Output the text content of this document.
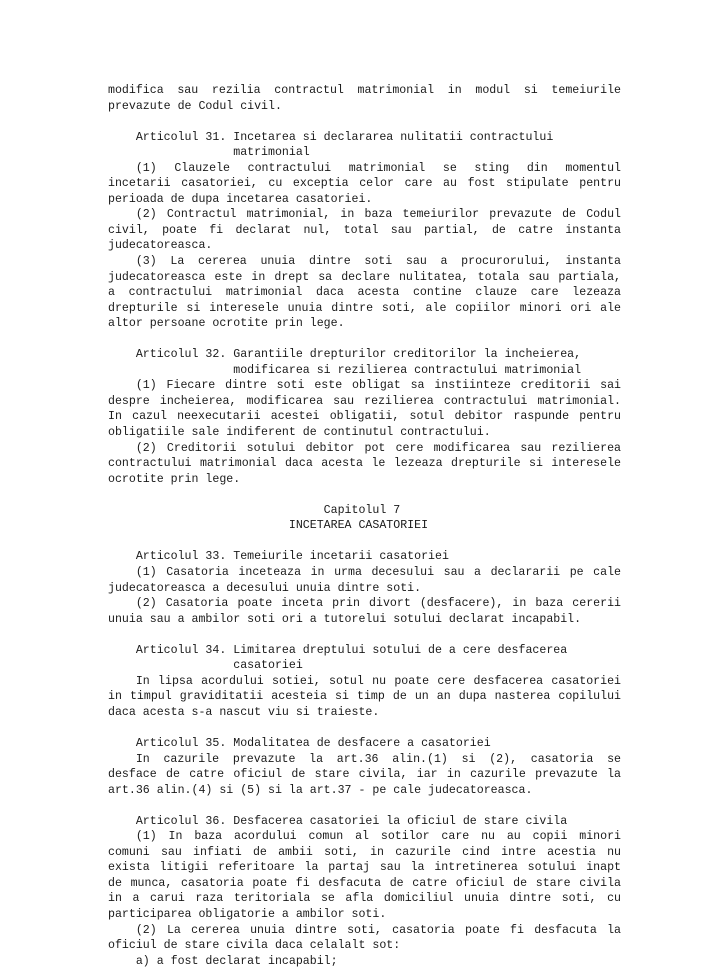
modifica sau rezilia contractul matrimonial in modul si temeiurile
prevazute de Codul civil.
Articolul 31. Incetarea si declararea nulitatii contractului
matrimonial
(1) Clauzele contractului matrimonial se sting din momentul
incetarii casatoriei, cu exceptia celor care au fost stipulate pentru
perioada de dupa incetarea casatoriei.
(2) Contractul matrimonial, in baza temeiurilor prevazute de Codul
civil, poate fi declarat nul, total sau partial, de catre instanta
judecatoreasca.
(3) La cererea unuia dintre soti sau a procurorului, instanta
judecatoreasca este in drept sa declare nulitatea, totala sau partiala,
a contractului matrimonial daca acesta contine clauze care lezeaza
drepturile si interesele unuia dintre soti, ale copiilor minori ori ale
altor persoane ocrotite prin lege.
Articolul 32. Garantiile drepturilor creditorilor la incheierea,
modificarea si rezilierea contractului matrimonial
(1) Fiecare dintre soti este obligat sa instiinteze creditorii sai
despre incheierea, modificarea sau rezilierea contractului matrimonial.
In cazul neexecutarii acestei obligatii, sotul debitor raspunde pentru
obligatiile sale indiferent de continutul contractului.
(2) Creditorii sotului debitor pot cere modificarea sau rezilierea
contractului matrimonial daca acesta le lezeaza drepturile si interesele
ocrotite prin lege.
Capitolul 7
INCETAREA CASATORIEI
Articolul 33. Temeiurile incetarii casatoriei
(1) Casatoria inceteaza in urma decesului sau a declararii pe cale
judecatoreasca a decesului unuia dintre soti.
(2) Casatoria poate inceta prin divort (desfacere), in baza cererii
unuia sau a ambilor soti ori a tutorelui sotului declarat incapabil.
Articolul 34. Limitarea dreptului sotului de a cere desfacerea
casatoriei
In lipsa acordului sotiei, sotul nu poate cere desfacerea casatoriei
in timpul graviditatii acesteia si timp de un an dupa nasterea copilului
daca acesta s-a nascut viu si traieste.
Articolul 35. Modalitatea de desfacere a casatoriei
In cazurile prevazute la art.36 alin.(1) si (2), casatoria se
desface de catre oficiul de stare civila, iar in cazurile prevazute la
art.36 alin.(4) si (5) si la art.37 - pe cale judecatoreasca.
Articolul 36. Desfacerea casatoriei la oficiul de stare civila
(1) In baza acordului comun al sotilor care nu au copii minori
comuni sau infiati de ambii soti, in cazurile cind intre acestia nu
exista litigii referitoare la partaj sau la intretinerea sotului inapt
de munca, casatoria poate fi desfacuta de catre oficiul de stare civila
in a carui raza teritoriala se afla domiciliul unuia dintre soti, cu
participarea obligatorie a ambilor soti.
(2) La cererea unuia dintre soti, casatoria poate fi desfacuta la
oficiul de stare civila daca celalalt sot:
a) a fost declarat incapabil;
